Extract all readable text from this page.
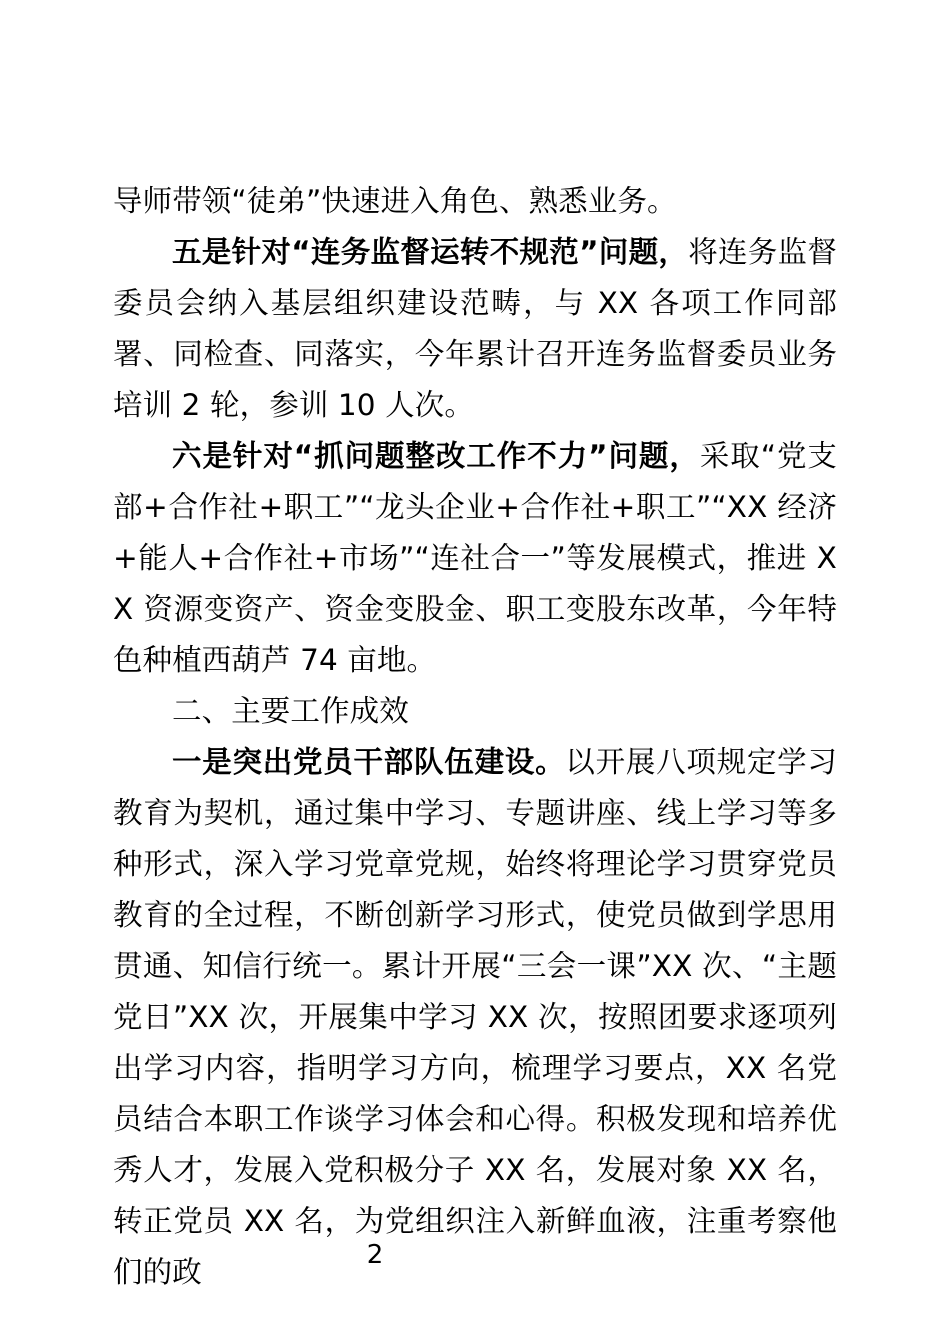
导师带领“徒弟”快速进入角色、熟悉业务。

五是针对“连务监督运转不规范”问题，将连务监督委员会纳入基层组织建设范畴，与 XX 各项工作同部署、同检查、同落实，今年累计召开连务监督委员业务培训 2 轮，参训 10 人次。

六是针对“抓问题整改工作不力”问题，采取“党支部+合作社+职工”“龙头企业+合作社+职工”“XX 经济+能人+合作社+市场”“连社合一”等发展模式，推进 XX 资源变资产、资金变股金、职工变股东改革，今年特色种植西葫芦 74 亩地。

二、主要工作成效

一是突出党员干部队伍建设。以开展八项规定学习教育为契机，通过集中学习、专题讲座、线上学习等多种形式，深入学习党章党规，始终将理论学习贯穿党员教育的全过程，不断创新学习形式，使党员做到学思用贯通、知信行统一。累计开展“三会一课”XX 次、“主题党日”XX 次，开展集中学习 XX 次，按照团要求逐项列出学习内容，指明学习方向，梳理学习要点，XX 名党员结合本职工作谈学习体会和心得。积极发现和培养优秀人才，发展入党积极分子 XX 名，发展对象 XX 名，转正党员 XX 名，为党组织注入新鲜血液，注重考察他们的政	2
